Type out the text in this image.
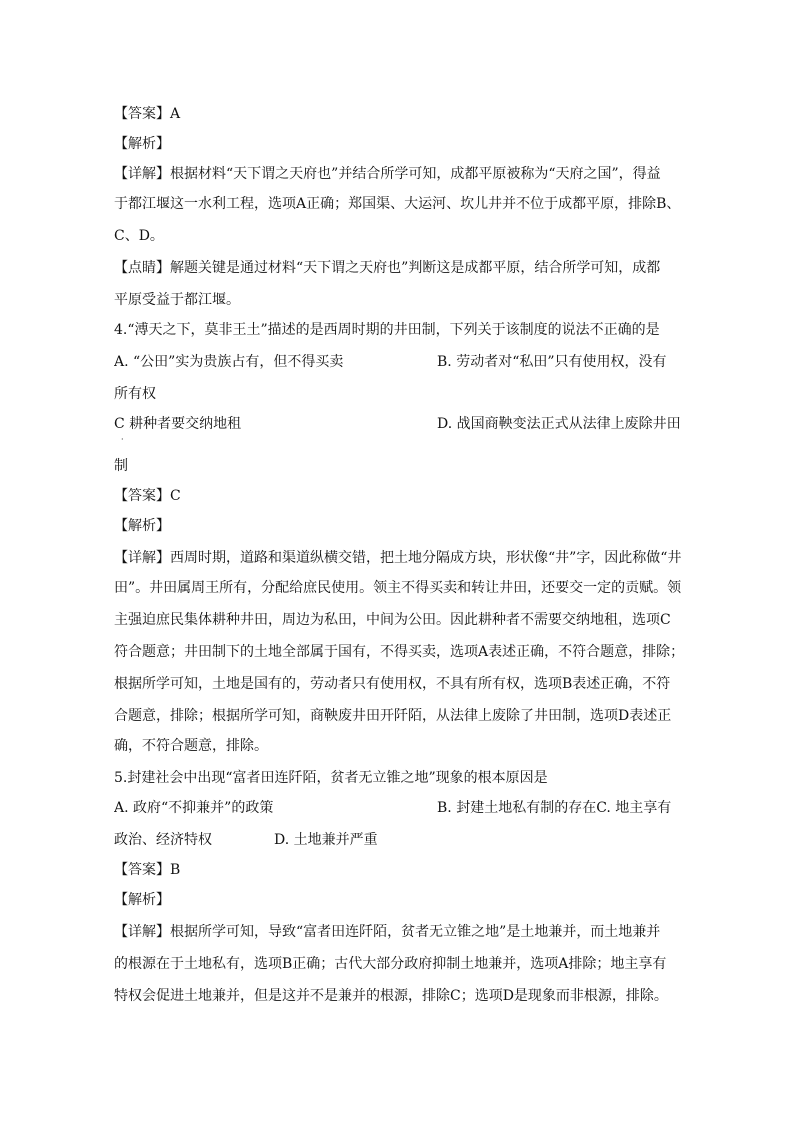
【答案】A
【解析】
【详解】根据材料“天下谓之天府也”并结合所学可知，成都平原被称为“天府之国”，得益
于都江堰这一水利工程，选项A正确；郑国渠、大运河、坎儿井并不位于成都平原，排除B、
C、D。
【点睛】解题关键是通过材料“天下谓之天府也”判断这是成都平原，结合所学可知，成都
平原受益于都江堰。
4.“溥天之下，莫非王土”描述的是西周时期的井田制，下列关于该制度的说法不正确的是
A. “公田”实为贵族占有，但不得买卖	B. 劳动者对“私田”只有使用权，没有
所有权
C 耕种者要交纳地租
·
D. 战国商鞅变法正式从法律上废除井田
制
【答案】C
【解析】
【详解】西周时期，道路和渠道纵横交错，把土地分隔成方块，形状像“井”字，因此称做“井
田”。井田属周王所有，分配给庶民使用。领主不得买卖和转让井田，还要交一定的贡赋。领
主强迫庶民集体耕种井田，周边为私田，中间为公田。因此耕种者不需要交纳地租，选项C
符合题意；井田制下的土地全部属于国有，不得买卖，选项A表述正确，不符合题意，排除；
根据所学可知，土地是国有的，劳动者只有使用权，不具有所有权，选项B表述正确，不符
合题意，排除；根据所学可知，商鞅废井田开阡陌，从法律上废除了井田制，选项D表述正
确，不符合题意，排除。
5.封建社会中出现“富者田连阡陌，贫者无立锥之地”现象的根本原因是
A. 政府“不抑兼并”的政策	B. 封建土地私有制的存在C. 地主享有
政治、经济特权	D. 土地兼并严重
【答案】B
【解析】
【详解】根据所学可知，导致“富者田连阡陌，贫者无立锥之地”是土地兼并，而土地兼并
的根源在于土地私有，选项B正确；古代大部分政府抑制土地兼并，选项A排除；地主享有
特权会促进土地兼并，但是这并不是兼并的根源，排除C；选项D是现象而非根源，排除。
